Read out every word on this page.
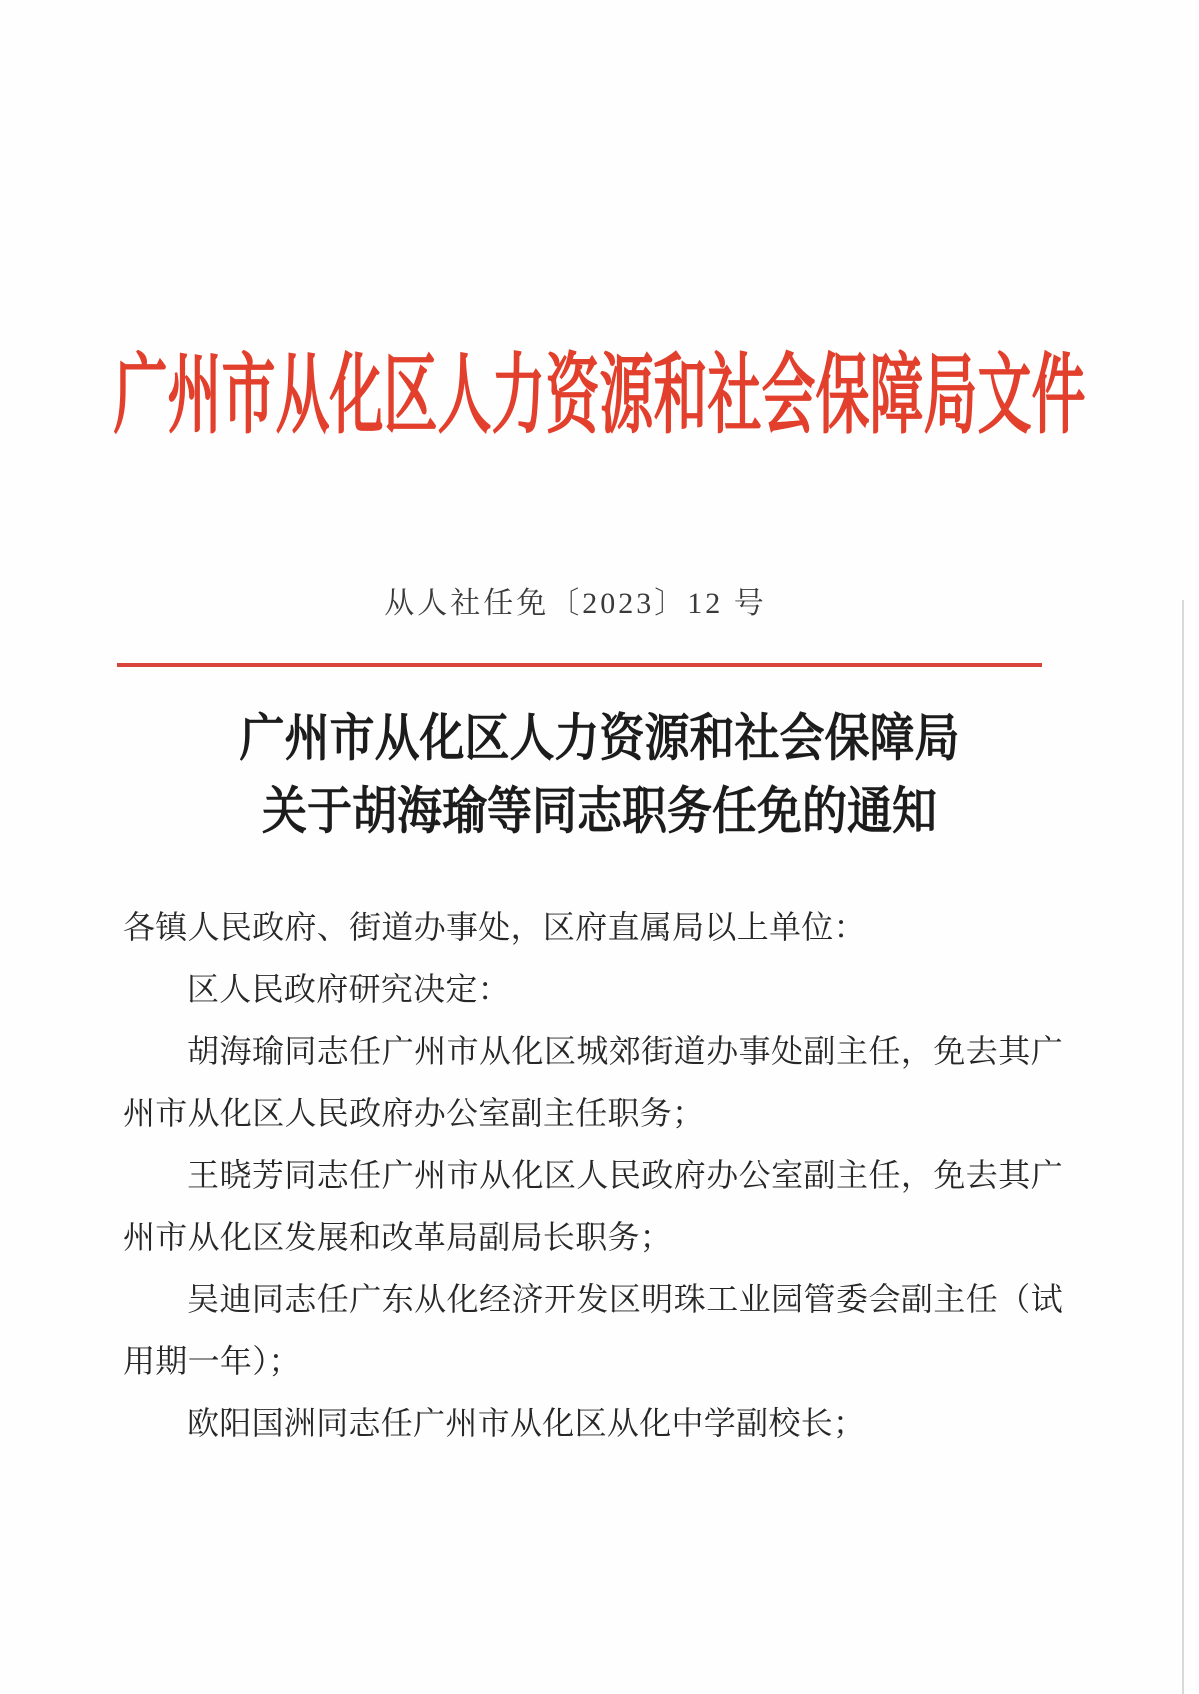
广州市从化区人力资源和社会保障局文件
从人社任免〔2023〕12 号
广州市从化区人力资源和社会保障局
关于胡海瑜等同志职务任免的通知

各镇人民政府、街道办事处，区府直属局以上单位：

区人民政府研究决定：

胡海瑜同志任广州市从化区城郊街道办事处副主任，免去其广州市从化区人民政府办公室副主任职务；

王晓芳同志任广州市从化区人民政府办公室副主任，免去其广州市从化区发展和改革局副局长职务；

吴迪同志任广东从化经济开发区明珠工业园管委会副主任（试用期一年）；

欧阳国洲同志任广州市从化区从化中学副校长；
